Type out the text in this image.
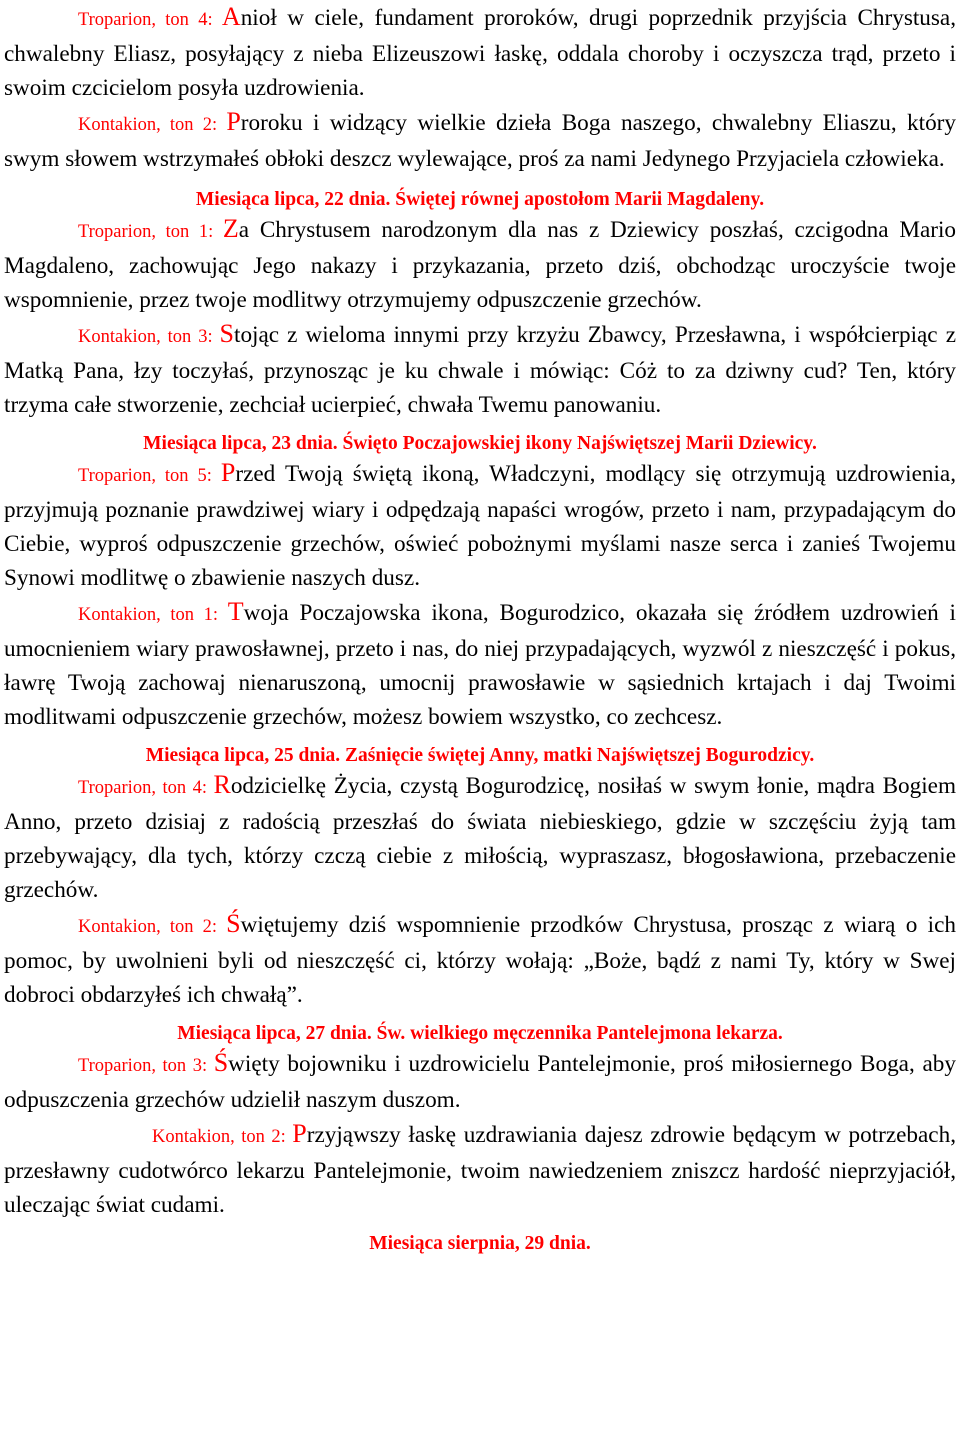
Troparion, ton 4: Anioł w ciele, fundament proroków, drugi poprzednik przyjścia Chrystusa, chwalebny Eliasz, posyłający z nieba Elizeuszowi łaskę, oddala choroby i oczyszcza trąd, przeto i swoim czcicielom posyła uzdrowienia.

Kontakion, ton 2: Proroku i widzący wielkie dzieła Boga naszego, chwalebny Eliaszu, który swym słowem wstrzymałeś obłoki deszcz wylewające, proś za nami Jedynego Przyjaciela człowieka.

Miesiąca lipca, 22 dnia. Świętej równej apostołom Marii Magdaleny.

Troparion, ton 1: Za Chrystusem narodzonym dla nas z Dziewicy poszłaś, czcigodna Mario Magdaleno, zachowując Jego nakazy i przykazania, przeto dziś, obchodząc uroczyście twoje wspomnienie, przez twoje modlitwy otrzymujemy odpuszczenie grzechów.

Kontakion, ton 3: Stojąc z wieloma innymi przy krzyżu Zbawcy, Przesławna, i współcierpiąc z Matką Pana, łzy toczyłaś, przynosząc je ku chwale i mówiąc: Cóż to za dziwny cud? Ten, który trzyma całe stworzenie, zechciał ucierpieć, chwała Twemu panowaniu.

Miesiąca lipca, 23 dnia. Święto Poczajowskiej ikony Najświętszej Marii Dziewicy.

Troparion, ton 5: Przed Twoją świętą ikoną, Władczyni, modlący się otrzymują uzdrowienia, przyjmują poznanie prawdziwej wiary i odpędzają napaści wrogów, przeto i nam, przypadającym do Ciebie, wyproś odpuszczenie grzechów, oświeć pobożnymi myślami nasze serca i zanieś Twojemu Synowi modlitwę o zbawienie naszych dusz.

Kontakion, ton 1: Twoja Poczajowska ikona, Bogurodzico, okazała się źródłem uzdrowień i umocnieniem wiary prawosławnej, przeto i nas, do niej przypadających, wyzwól z nieszczęść i pokus, ławrę Twoją zachowaj nienaruszoną, umocnij prawosławie w sąsiednich krtajach i daj Twoimi modlitwami odpuszczenie grzechów, możesz bowiem wszystko, co zechcesz.

Miesiąca lipca, 25 dnia. Zaśnięcie świętej Anny, matki Najświętszej Bogurodzicy.

Troparion, ton 4: Rodzicielkę Życia, czystą Bogurodzicę, nosiłaś w swym łonie, mądra Bogiem Anno, przeto dzisiaj z radością przeszłaś do świata niebieskiego, gdzie w szczęściu żyją tam przebywający, dla tych, którzy czczą ciebie z miłością, wypraszasz, błogosławiona, przebaczenie grzechów.

Kontakion, ton 2: Świętujemy dziś wspomnienie przodków Chrystusa, prosząc z wiarą o ich pomoc, by uwolnieni byli od nieszczęść ci, którzy wołają: „Boże, bądź z nami Ty, który w Swej dobroci obdarzyłeś ich chwałą”.

Miesiąca lipca, 27 dnia. Św. wielkiego męczennika Pantelejmona lekarza.

Troparion, ton 3: Święty bojowniku i uzdrowicielu Pantelejmonie, proś miłosiernego Boga, aby odpuszczenia grzechów udzielił naszym duszom.

Kontakion, ton 2: Przyjąwszy łaskę uzdrawiania dajesz zdrowie będącym w potrzebach, przesławny cudotwórco lekarzu Pantelejmonie, twoim nawiedzeniem zniszcz hardość nieprzyjaciół, uleczając świat cudami.

Miesiąca sierpnia, 29 dnia.
